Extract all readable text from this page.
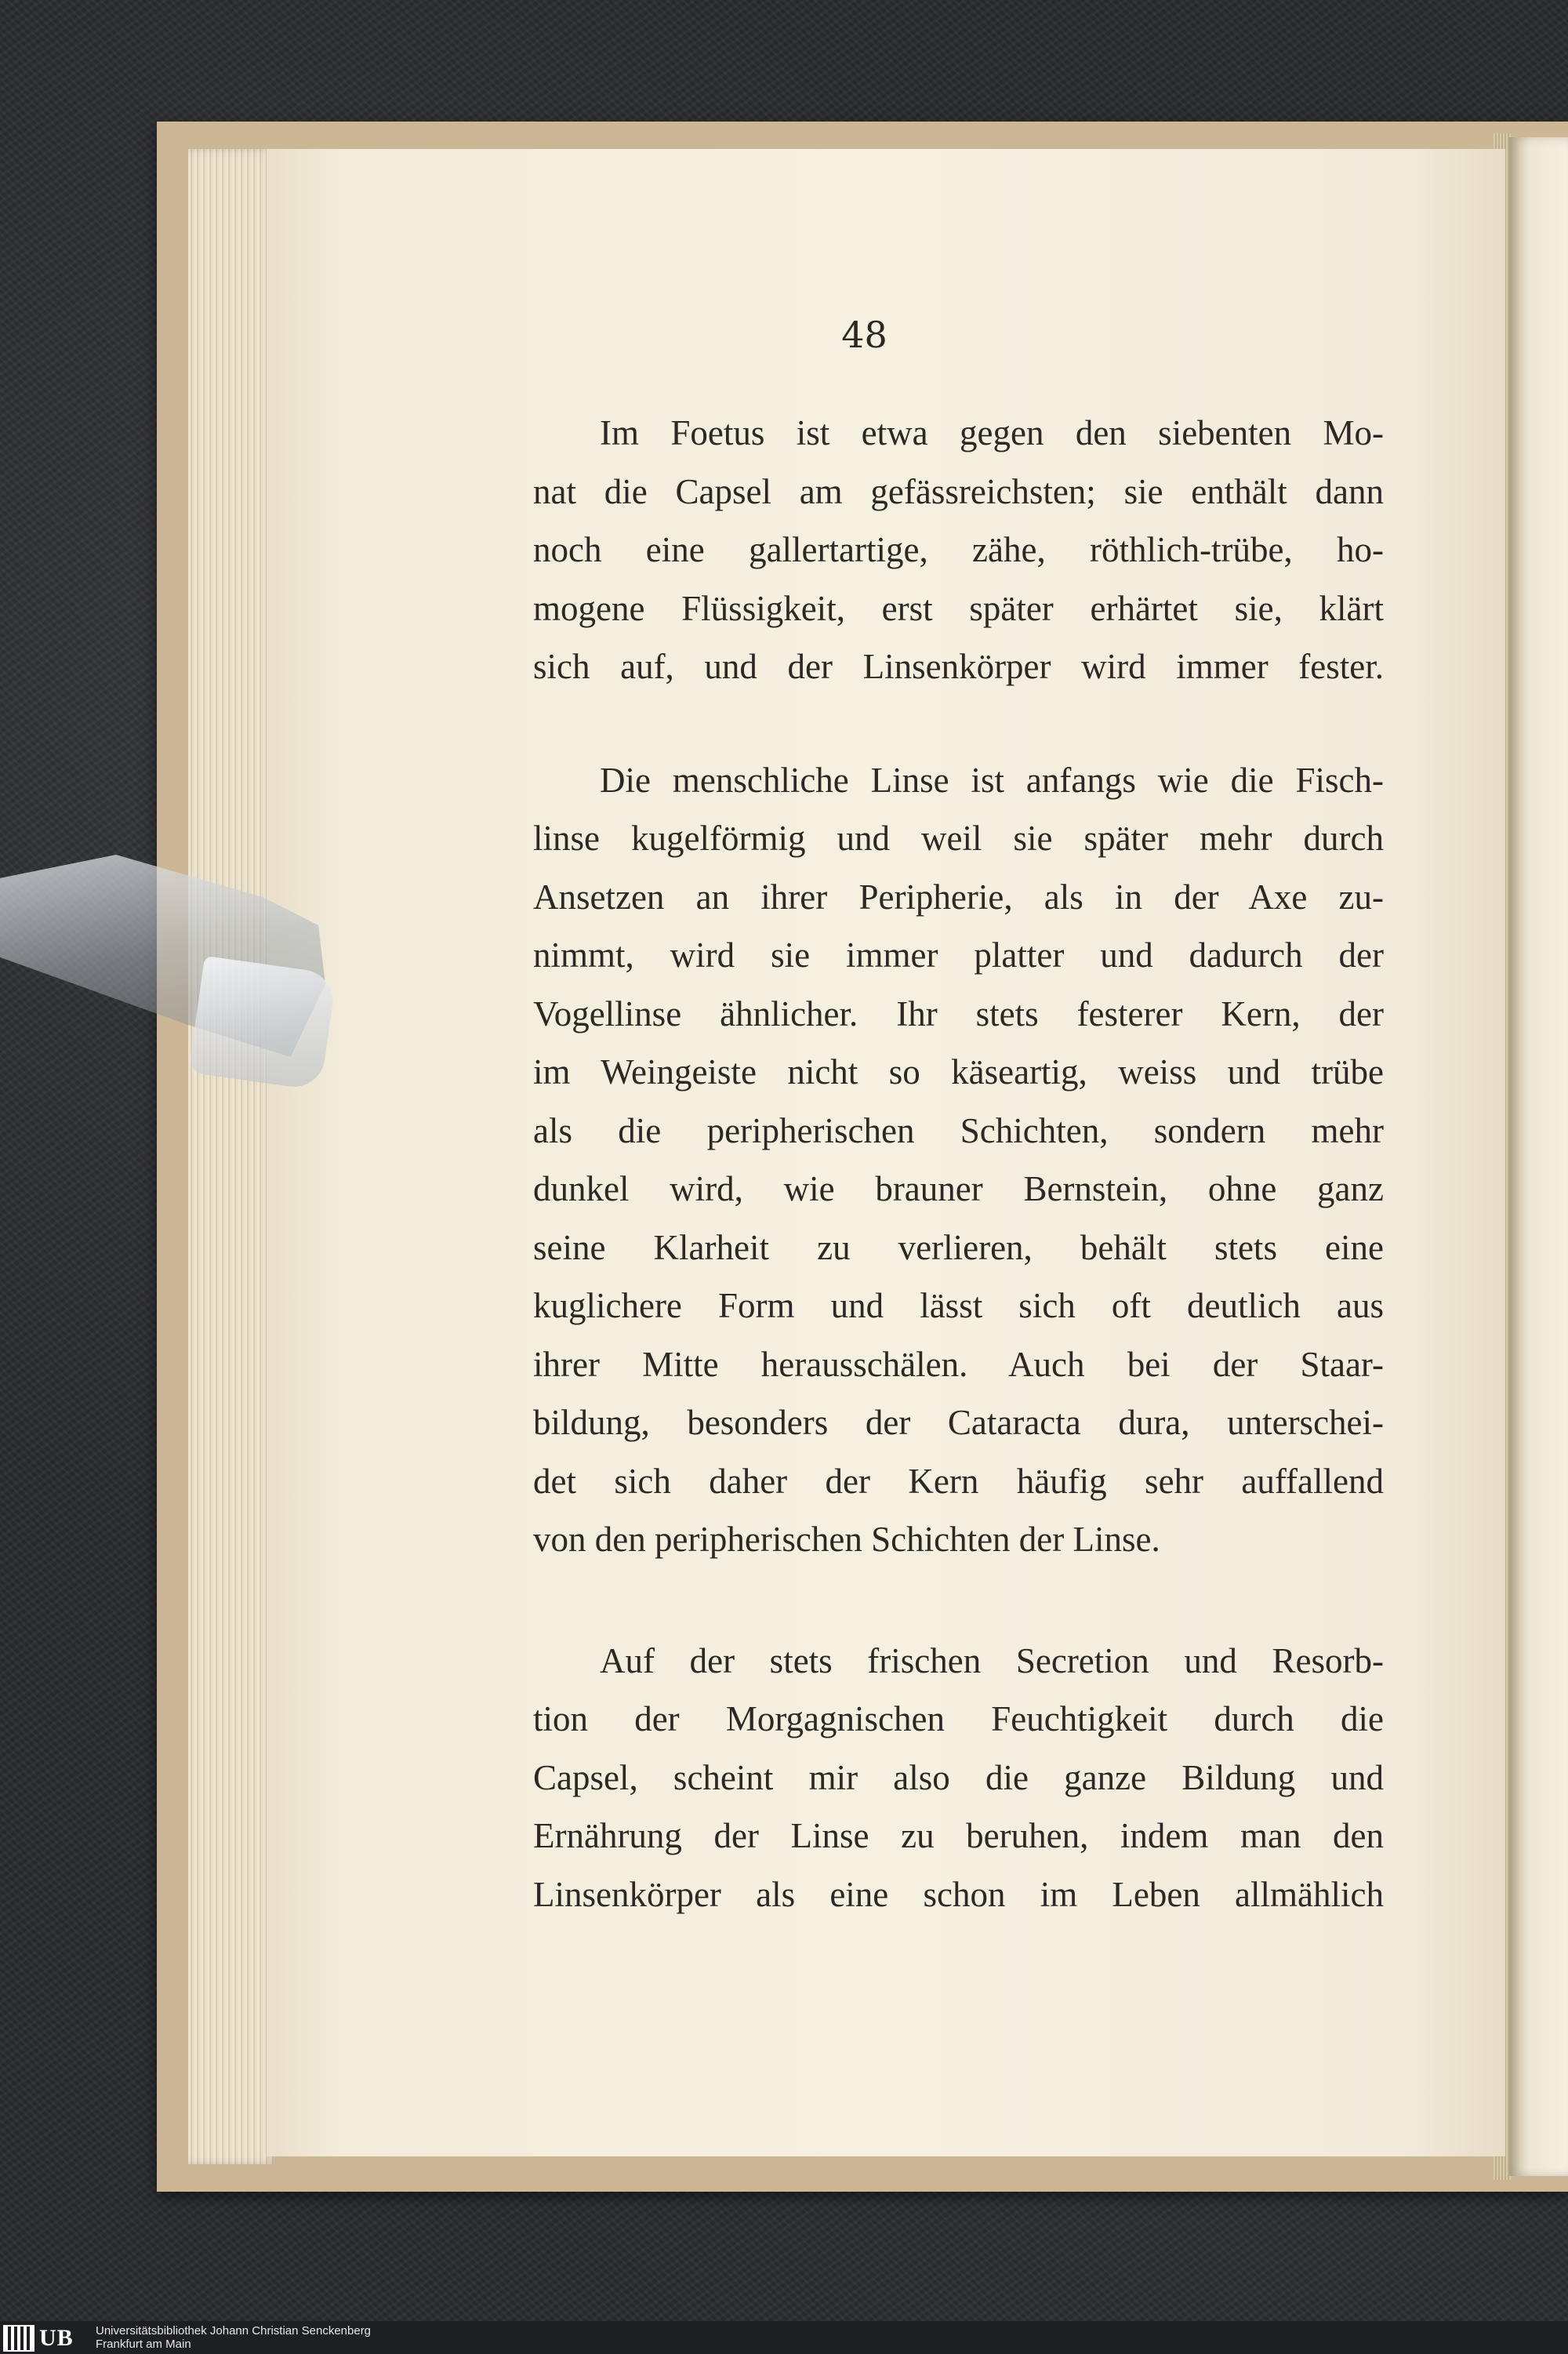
48
Im Foetus ist etwa gegen den siebenten Mo-
nat die Capsel am gefässreichsten; sie enthält dann
noch eine gallertartige, zähe, röthlich-trübe, ho-
mogene Flüssigkeit, erst später erhärtet sie, klärt
sich auf, und der Linsenkörper wird immer fester.
Die menschliche Linse ist anfangs wie die Fisch-
linse kugelförmig und weil sie später mehr durch
Ansetzen an ihrer Peripherie, als in der Axe zu-
nimmt, wird sie immer platter und dadurch der
Vogellinse ähnlicher. Ihr stets festerer Kern, der
im Weingeiste nicht so käseartig, weiss und trübe
als die peripherischen Schichten, sondern mehr
dunkel wird, wie brauner Bernstein, ohne ganz
seine Klarheit zu verlieren, behält stets eine
kuglichere Form und lässt sich oft deutlich aus
ihrer Mitte herausschälen. Auch bei der Staar-
bildung, besonders der Cataracta dura, unterschei-
det sich daher der Kern häufig sehr auffallend
von den peripherischen Schichten der Linse.
Auf der stets frischen Secretion und Resorb-
tion der Morgagnischen Feuchtigkeit durch die
Capsel, scheint mir also die ganze Bildung und
Ernährung der Linse zu beruhen, indem man den
Linsenkörper als eine schon im Leben allmählich
UB Universitätsbibliothek Johann Christian Senckenberg
Frankfurt am Main
